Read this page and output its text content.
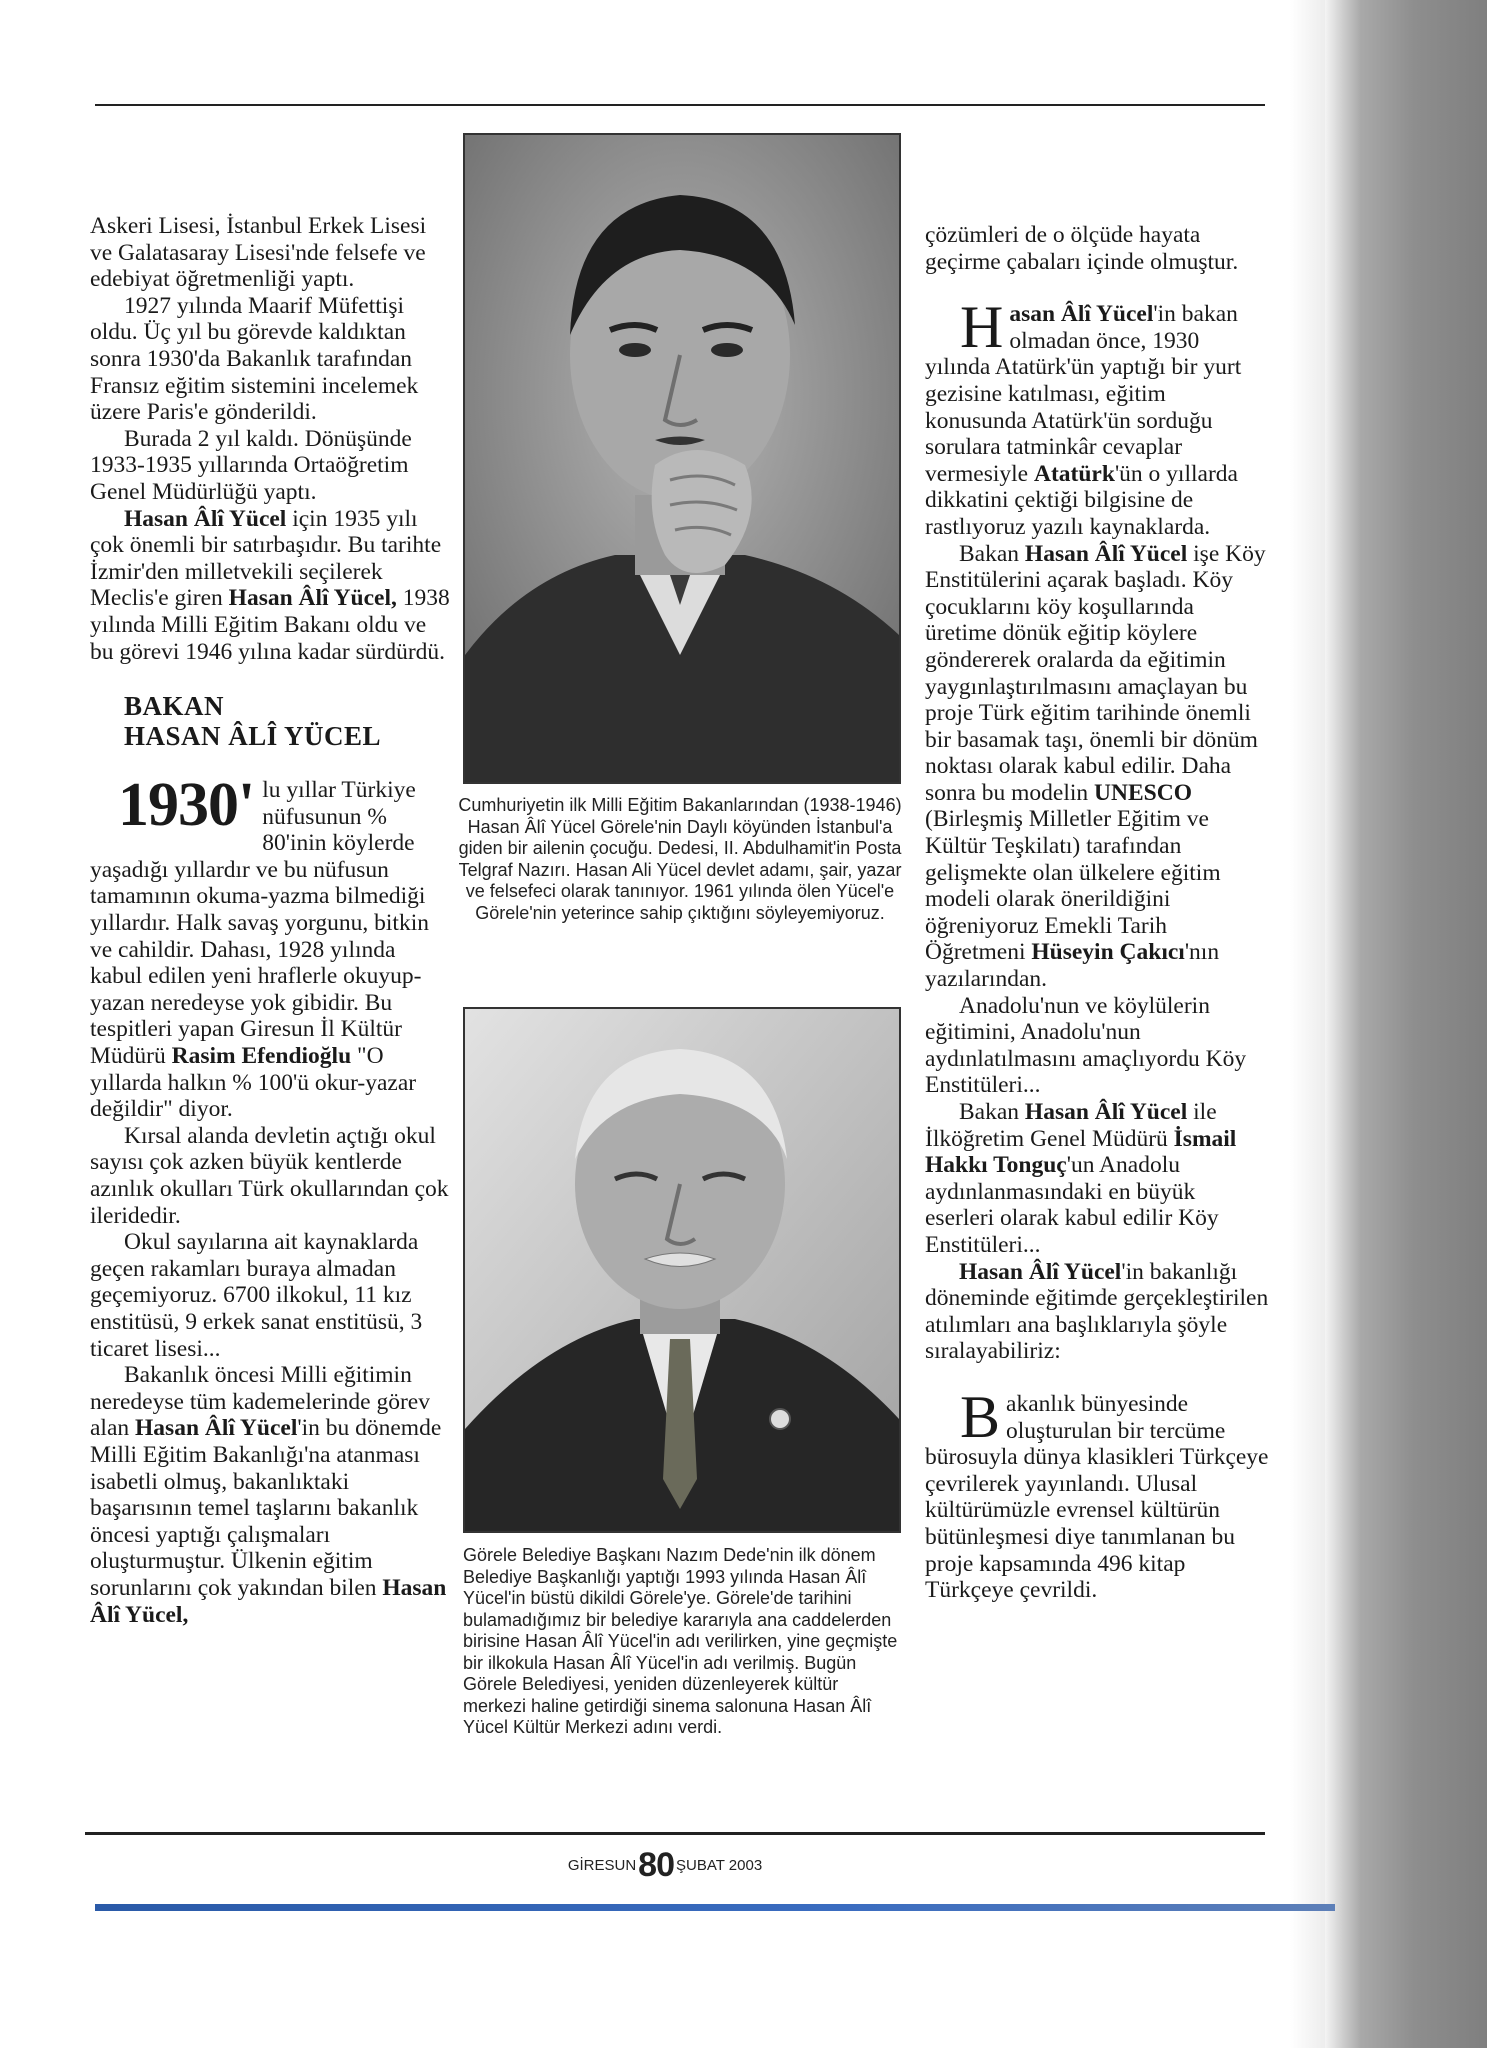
Askeri Lisesi, İstanbul Erkek Lisesi ve Galatasaray Lisesi'nde felsefe ve edebiyat öğretmenliği yaptı.

1927 yılında Maarif Müfettişi oldu. Üç yıl bu görevde kaldıktan sonra 1930'da Bakanlık tarafından Fransız eğitim sistemini incelemek üzere Paris'e gönderildi.

Burada 2 yıl kaldı. Dönüşünde 1933-1935 yıllarında Ortaöğretim Genel Müdürlüğü yaptı.

Hasan Âlî Yücel için 1935 yılı çok önemli bir satırbaşıdır. Bu tarihte İzmir'den milletvekili seçilerek Meclis'e giren Hasan Âlî Yücel, 1938 yılında Milli Eğitim Bakanı oldu ve bu görevi 1946 yılına kadar sürdürdü.

BAKAN
HASAN ÂLÎ YÜCEL

1930' lu yıllar Türkiye nüfusunun % 80'inin köylerde yaşadığı yıllardır ve bu nüfusun tamamının okuma-yazma bilmediği yıllardır. Halk savaş yorgunu, bitkin ve cahildir. Dahası, 1928 yılında kabul edilen yeni hraflerle okuyup-yazan neredeyse yok gibidir. Bu tespitleri yapan Giresun İl Kültür Müdürü Rasim Efendioğlu "O yıllarda halkın % 100'ü okur-yazar değildir" diyor.

Kırsal alanda devletin açtığı okul sayısı çok azken büyük kentlerde azınlık okulları Türk okullarından çok ileridedir.

Okul sayılarına ait kaynaklarda geçen rakamları buraya almadan geçemiyoruz. 6700 ilkokul, 11 kız enstitüsü, 9 erkek sanat enstitüsü, 3 ticaret lisesi...

Bakanlık öncesi Milli eğitimin neredeyse tüm kademelerinde görev alan Hasan Âlî Yücel'in bu dönemde Milli Eğitim Bakanlığı'na atanması isabetli olmuş, bakanlıktaki başarısının temel taşlarını bakanlık öncesi yaptığı çalışmaları oluşturmuştur. Ülkenin eğitim sorunlarını çok yakından bilen Hasan Âlî Yücel,

Cumhuriyetin ilk Milli Eğitim Bakanlarından (1938-1946) Hasan Âlî Yücel Görele'nin Daylı köyünden İstanbul'a giden bir ailenin çocuğu. Dedesi, II. Abdulhamit'in Posta Telgraf Nazırı. Hasan Ali Yücel devlet adamı, şair, yazar ve felsefeci olarak tanınıyor. 1961 yılında ölen Yücel'e Görele'nin yeterince sahip çıktığını söyleyemiyoruz.
Görele Belediye Başkanı Nazım Dede'nin ilk dönem Belediye Başkanlığı yaptığı 1993 yılında Hasan Âlî Yücel'in büstü dikildi Görele'ye. Görele'de tarihini bulamadığımız bir belediye kararıyla ana caddelerden birisine Hasan Âlî Yücel'in adı verilirken, yine geçmişte bir ilkokula Hasan Âlî Yücel'in adı verilmiş. Bugün Görele Belediyesi, yeniden düzenleyerek kültür merkezi haline getirdiği sinema salonuna Hasan Âlî Yücel Kültür Merkezi adını verdi.

çözümleri de o ölçüde hayata geçirme çabaları içinde olmuştur.

Hasan Âlî Yücel'in bakan olmadan önce, 1930 yılında Atatürk'ün yaptığı bir yurt gezisine katılması, eğitim konusunda Atatürk'ün sorduğu sorulara tatminkâr cevaplar vermesiyle Atatürk'ün o yıllarda dikkatini çektiği bilgisine de rastlıyoruz yazılı kaynaklarda.

Bakan Hasan Âlî Yücel işe Köy Enstitülerini açarak başladı. Köy çocuklarını köy koşullarında üretime dönük eğitip köylere göndererek oralarda da eğitimin yaygınlaştırılmasını amaçlayan bu proje Türk eğitim tarihinde önemli bir basamak taşı, önemli bir dönüm noktası olarak kabul edilir. Daha sonra bu modelin UNESCO (Birleşmiş Milletler Eğitim ve Kültür Teşkilatı) tarafından gelişmekte olan ülkelere eğitim modeli olarak önerildiğini öğreniyoruz Emekli Tarih Öğretmeni Hüseyin Çakıcı'nın yazılarından.

Anadolu'nun ve köylülerin eğitimini, Anadolu'nun aydınlatılmasını amaçlıyordu Köy Enstitüleri...

Bakan Hasan Âlî Yücel ile İlköğretim Genel Müdürü İsmail Hakkı Tonguç'un Anadolu aydınlanmasındaki en büyük eserleri olarak kabul edilir Köy Enstitüleri...

Hasan Âlî Yücel'in bakanlığı döneminde eğitimde gerçekleştirilen atılımları ana başlıklarıyla şöyle sıralayabiliriz:

Bakanlık bünyesinde oluşturulan bir tercüme bürosuyla dünya klasikleri Türkçeye çevrilerek yayınlandı. Ulusal kültürümüzle evrensel kültürün bütünleşmesi diye tanımlanan bu proje kapsamında 496 kitap Türkçeye çevrildi.

GİRESUN80 ŞUBAT 2003
